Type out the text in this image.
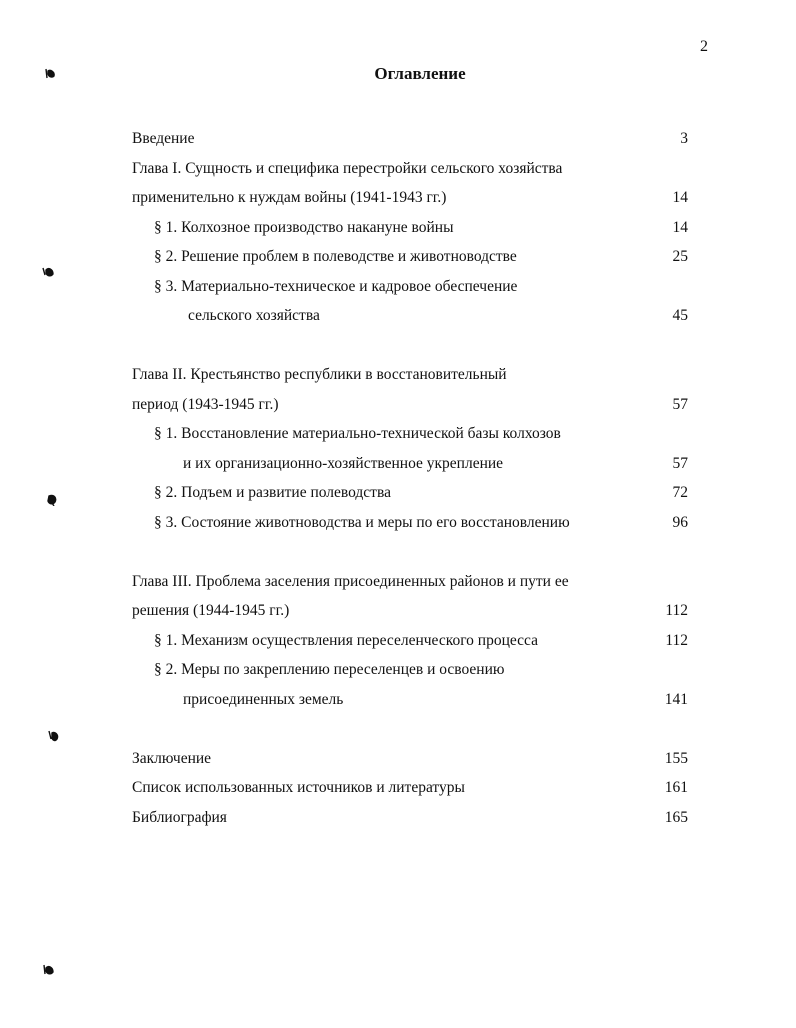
2
Оглавление
Введение	3
Глава I. Сущность и специфика перестройки сельского хозяйства
применительно к нуждам войны (1941-1943 гг.)	14
§ 1. Колхозное производство накануне войны	14
§ 2. Решение проблем в полеводстве и животноводстве	25
§ 3. Материально-техническое и кадровое обеспечение
сельского хозяйства	45
Глава II. Крестьянство республики в восстановительный
период (1943-1945 гг.)	57
§ 1. Восстановление материально-технической базы колхозов
и их организационно-хозяйственное укрепление	57
§ 2. Подъем и развитие полеводства	72
§ 3. Состояние животноводства и меры по его восстановлению	96
Глава III. Проблема заселения присоединенных районов и пути ее
решения (1944-1945 гг.)	112
§ 1. Механизм осуществления переселенческого процесса	112
§ 2. Меры по закреплению переселенцев и освоению
присоединенных земель	141
Заключение	155
Список использованных источников и литературы	161
Библиография	165
